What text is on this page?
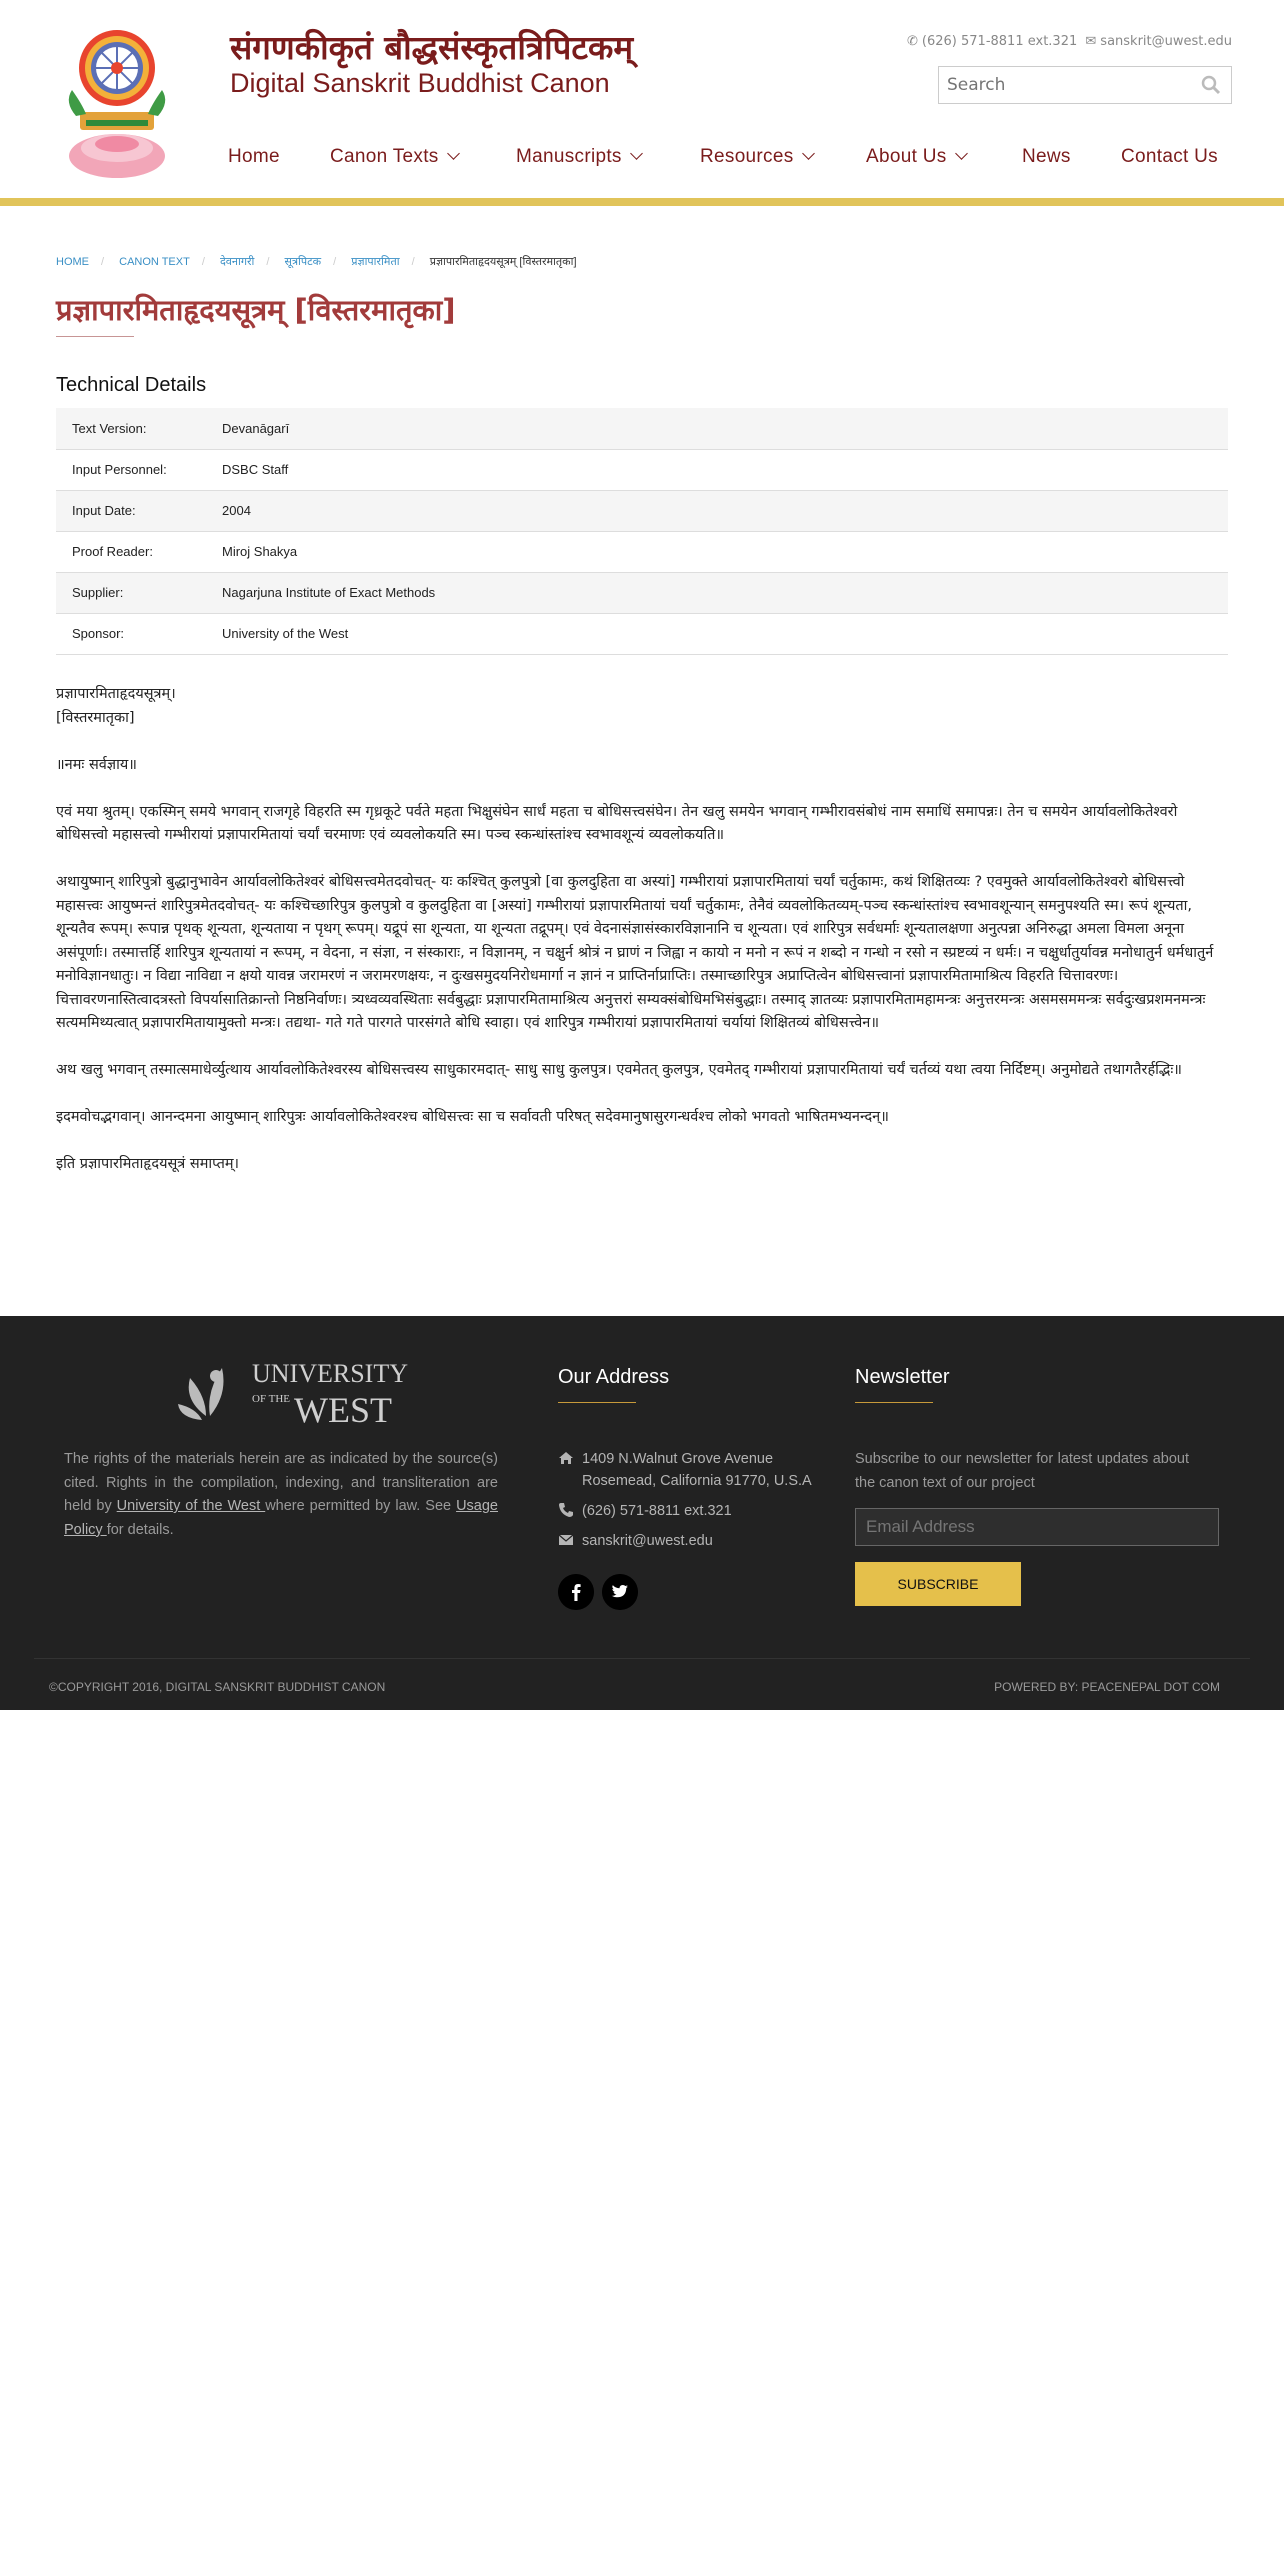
संगणकीकृतं बौद्धसंस्कृतत्रिपिटकम्
Digital Sanskrit Buddhist Canon
✆ (626) 571-8811 ext.321 ✉ sanskrit@uwest.edu
Search
Home	Canon Texts	Manuscripts	Resources	About Us	News	Contact Us
HOME / CANON TEXT / देवनागरी / सूत्रपिटक / प्रज्ञापारमिता / प्रज्ञापारमिताहृदयसूत्रम् [विस्तरमातृका]
प्रज्ञापारमिताहृदयसूत्रम् [विस्तरमातृका]
Technical Details
Text Version:	Devanāgarī
Input Personnel:	DSBC Staff
Input Date:	2004
Proof Reader:	Miroj Shakya
Supplier:	Nagarjuna Institute of Exact Methods
Sponsor:	University of the West

प्रज्ञापारमिताहृदयसूत्रम्।
[विस्तरमातृका]

॥नमः सर्वज्ञाय॥

एवं मया श्रुतम्। एकस्मिन् समये भगवान् राजगृहे विहरति स्म गृध्रकूटे पर्वते महता भिक्षुसंघेन सार्धं महता च बोधिसत्त्वसंघेन। तेन खलु समयेन भगवान् गम्भीरावसंबोधं नाम समाधिं समापन्नः। तेन च समयेन आर्यावलोकितेश्वरो बोधिसत्त्वो महासत्त्वो गम्भीरायां प्रज्ञापारमितायां चर्यां चरमाणः एवं व्यवलोकयति स्म। पञ्च स्कन्धांस्तांश्च स्वभावशून्यं व्यवलोकयति॥

अथायुष्मान् शारिपुत्रो बुद्धानुभावेन आर्यावलोकितेश्वरं बोधिसत्त्वमेतदवोचत्- यः कश्चित् कुलपुत्रो [वा कुलदुहिता वा अस्यां] गम्भीरायां प्रज्ञापारमितायां चर्यां चर्तुकामः, कथं शिक्षितव्यः ? एवमुक्ते आर्यावलोकितेश्वरो बोधिसत्त्वो महासत्त्वः आयुष्मन्तं शारिपुत्रमेतदवोचत्- यः कश्चिच्छारिपुत्र कुलपुत्रो व कुलदुहिता वा [अस्यां] गम्भीरायां प्रज्ञापारमितायां चर्यां चर्तुकामः, तेनैवं व्यवलोकितव्यम्-पञ्च स्कन्धांस्तांश्च स्वभावशून्यान् समनुपश्यति स्म। रूपं शून्यता, शून्यतैव रूपम्। रूपान्न पृथक् शून्यता, शून्यताया न पृथग् रूपम्। यद्रूपं सा शून्यता, या शून्यता तद्रूपम्। एवं वेदनासंज्ञासंस्कारविज्ञानानि च शून्यता। एवं शारिपुत्र सर्वधर्माः शून्यतालक्षणा अनुत्पन्ना अनिरुद्धा अमला विमला अनूना असंपूर्णाः। तस्मात्तर्हि शारिपुत्र शून्यतायां न रूपम्, न वेदना, न संज्ञा, न संस्काराः, न विज्ञानम्, न चक्षुर्न श्रोत्रं न घ्राणं न जिह्वा न कायो न मनो न रूपं न शब्दो न गन्धो न रसो न स्प्रष्टव्यं न धर्मः। न चक्षुर्धातुर्यावन्न मनोधातुर्न धर्मधातुर्न मनोविज्ञानधातुः। न विद्या नाविद्या न क्षयो यावन्न जरामरणं न जरामरणक्षयः, न दुःखसमुदयनिरोधमार्गा न ज्ञानं न प्राप्तिर्नाप्राप्तिः। तस्माच्छारिपुत्र अप्राप्तित्वेन बोधिसत्त्वानां प्रज्ञापारमितामाश्रित्य विहरति चित्तावरणः। चित्तावरणनास्तित्वादत्रस्तो विपर्यासातिक्रान्तो निष्ठनिर्वाणः। त्र्यध्वव्यवस्थिताः सर्वबुद्धाः प्रज्ञापारमितामाश्रित्य अनुत्तरां सम्यक्संबोधिमभिसंबुद्धाः। तस्माद् ज्ञातव्यः प्रज्ञापारमितामहामन्त्रः अनुत्तरमन्त्रः असमसममन्त्रः सर्वदुःखप्रशमनमन्त्रः सत्यममिथ्यत्वात् प्रज्ञापारमितायामुक्तो मन्त्रः। तद्यथा- गते गते पारगते पारसंगते बोधि स्वाहा। एवं शारिपुत्र गम्भीरायां प्रज्ञापारमितायां चर्यायां शिक्षितव्यं बोधिसत्त्वेन॥

अथ खलु भगवान् तस्मात्समाधेर्व्युत्थाय आर्यावलोकितेश्वरस्य बोधिसत्त्वस्य साधुकारमदात्- साधु साधु कुलपुत्र। एवमेतत् कुलपुत्र, एवमेतद् गम्भीरायां प्रज्ञापारमितायां चर्यं चर्तव्यं यथा त्वया निर्दिष्टम्। अनुमोद्यते तथागतैरर्हद्भिः॥

इदमवोचद्भगवान्। आनन्दमना आयुष्मान् शारिपुत्रः आर्यावलोकितेश्वरश्च बोधिसत्त्वः सा च सर्वावती परिषत् सदेवमानुषासुरगन्धर्वश्च लोको भगवतो भाषितमभ्यनन्दन्॥

इति प्रज्ञापारमिताहृदयसूत्रं समाप्तम्।

UNIVERSITY
OF THE WEST
The rights of the materials herein are as indicated by the source(s) cited. Rights in the compilation, indexing, and transliteration are held by University of the West where permitted by law. See Usage Policy for details.
Our Address
1409 N.Walnut Grove Avenue
Rosemead, California 91770, U.S.A
(626) 571-8811 ext.321
sanskrit@uwest.edu
Newsletter
Subscribe to our newsletter for latest updates about the canon text of our project
Email Address
SUBSCRIBE
©COPYRIGHT 2016, DIGITAL SANSKRIT BUDDHIST CANON	POWERED BY: PEACENEPAL DOT COM
